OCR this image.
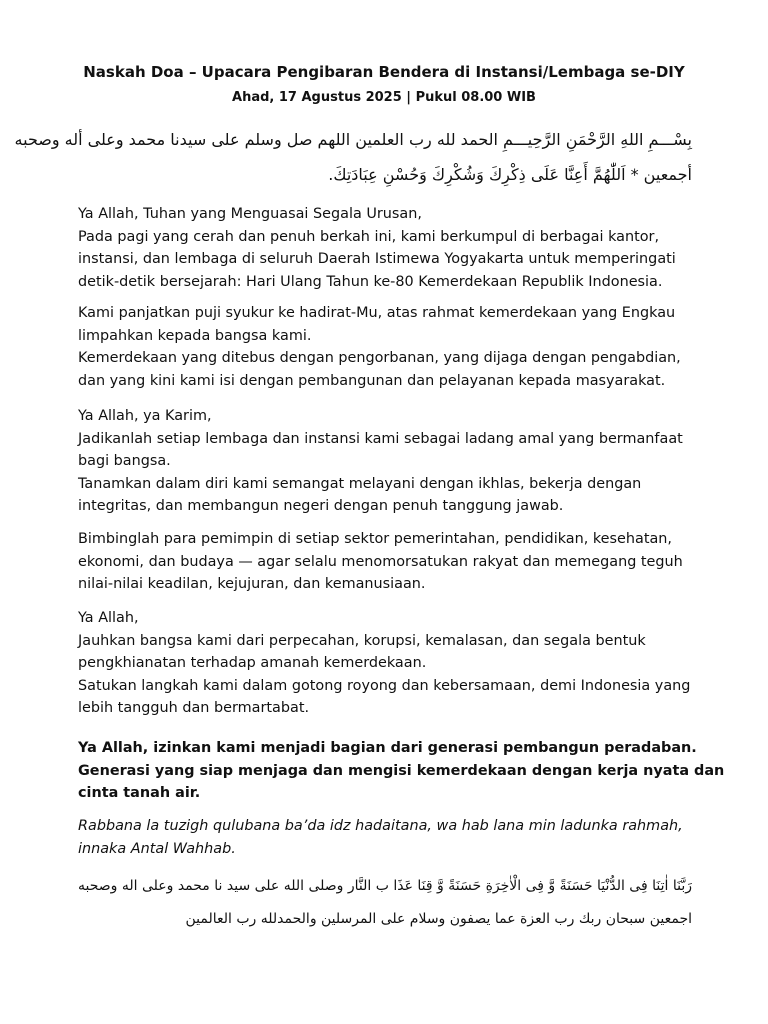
Naskah Doa – Upacara Pengibaran Bendera di Instansi/Lembaga se-DIY
Ahad, 17 Agustus 2025 | Pukul 08.00 WIB
بِسْـــمِ اللهِ الرَّحْمَنِ الرَّحِيـــمِ الحمد لله رب العلمين اللهم صل وسلم على سيدنا محمد وعلى أله وصحبه
أجمعين * اَللّٰهُمَّ أَعِنَّا عَلَى ذِكْرِكَ وَشُكْرِكَ وَحُسْنِ عِبَادَتِكَ.

Ya Allah, Tuhan yang Menguasai Segala Urusan,
Pada pagi yang cerah dan penuh berkah ini, kami berkumpul di berbagai kantor,
instansi, dan lembaga di seluruh Daerah Istimewa Yogyakarta untuk memperingati
detik-detik bersejarah: Hari Ulang Tahun ke-80 Kemerdekaan Republik Indonesia.

Kami panjatkan puji syukur ke hadirat-Mu, atas rahmat kemerdekaan yang Engkau
limpahkan kepada bangsa kami.
Kemerdekaan yang ditebus dengan pengorbanan, yang dijaga dengan pengabdian,
dan yang kini kami isi dengan pembangunan dan pelayanan kepada masyarakat.

Ya Allah, ya Karim,
Jadikanlah setiap lembaga dan instansi kami sebagai ladang amal yang bermanfaat
bagi bangsa.
Tanamkan dalam diri kami semangat melayani dengan ikhlas, bekerja dengan
integritas, dan membangun negeri dengan penuh tanggung jawab.

Bimbinglah para pemimpin di setiap sektor pemerintahan, pendidikan, kesehatan,
ekonomi, dan budaya — agar selalu menomorsatukan rakyat dan memegang teguh
nilai-nilai keadilan, kejujuran, dan kemanusiaan.

Ya Allah,
Jauhkan bangsa kami dari perpecahan, korupsi, kemalasan, dan segala bentuk
pengkhianatan terhadap amanah kemerdekaan.
Satukan langkah kami dalam gotong royong dan kebersamaan, demi Indonesia yang
lebih tangguh dan bermartabat.

Ya Allah, izinkan kami menjadi bagian dari generasi pembangun peradaban.
Generasi yang siap menjaga dan mengisi kemerdekaan dengan kerja nyata dan
cinta tanah air.

Rabbana la tuzigh qulubana ba’da idz hadaitana, wa hab lana min ladunka rahmah,
innaka Antal Wahhab.

رَبَّنَا اٰتِنَا فِى الدُّنْيَا حَسَنَةً وَّ فِى الْاٰخِرَةِ حَسَنَةً وَّ قِنَا عَذَا ب النَّار وصلى الله على سيد نا محمد وعلى اله وصحبه
اجمعين سبحان ربك رب العزة عما يصفون وسلام على المرسلين والحمدلله رب العالمين
